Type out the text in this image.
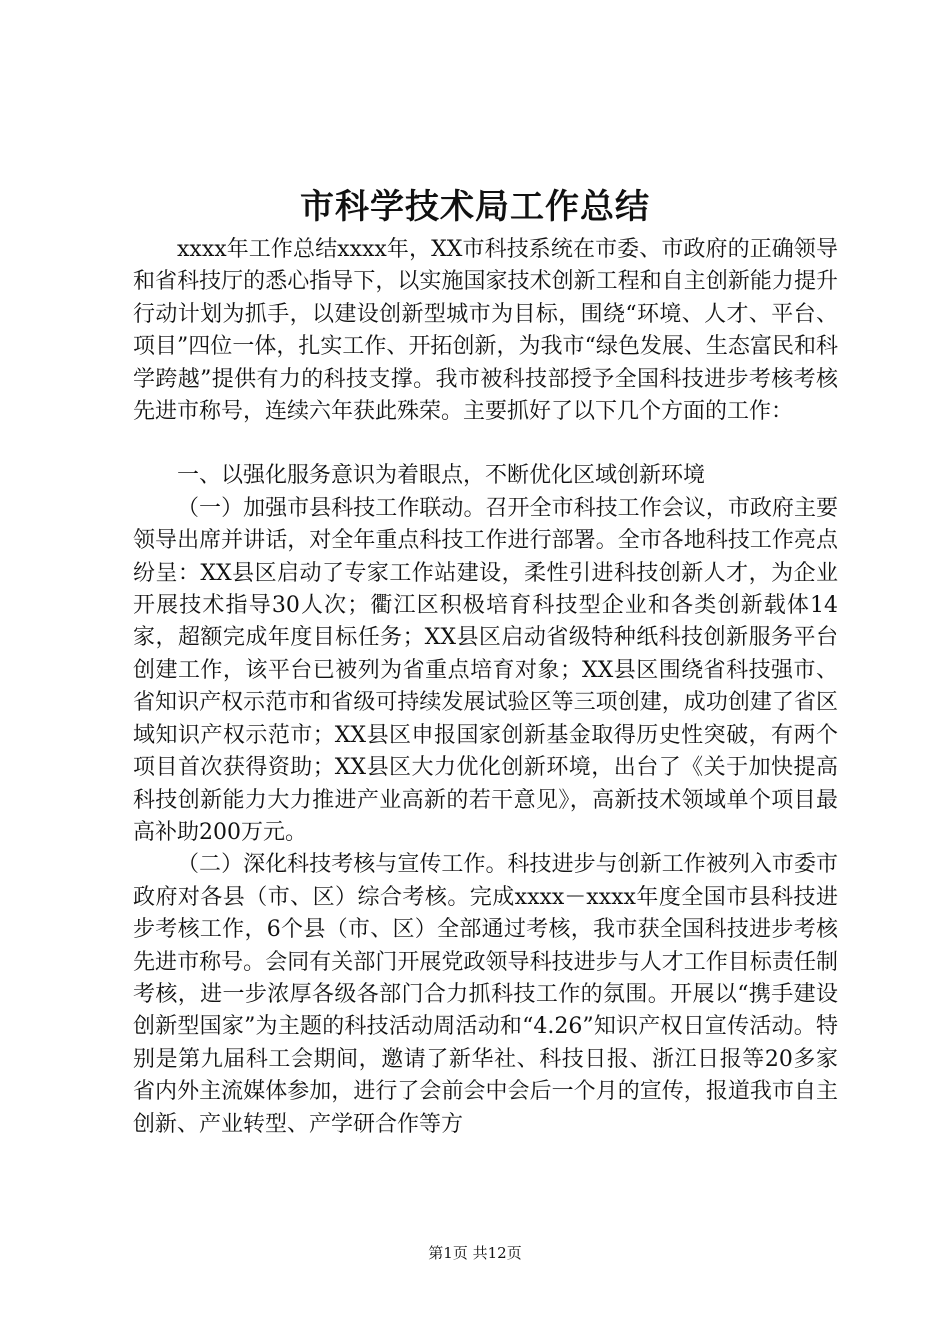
市科学技术局工作总结

xxxx年工作总结xxxx年，XX市科技系统在市委、市政府的正确领导和省科技厅的悉心指导下，以实施国家技术创新工程和自主创新能力提升行动计划为抓手，以建设创新型城市为目标，围绕“环境、人才、平台、项目”四位一体，扎实工作、开拓创新，为我市“绿色发展、生态富民和科学跨越”提供有力的科技支撑。我市被科技部授予全国科技进步考核考核先进市称号，连续六年获此殊荣。主要抓好了以下几个方面的工作：

一、以强化服务意识为着眼点，不断优化区域创新环境

（一）加强市县科技工作联动。召开全市科技工作会议，市政府主要领导出席并讲话，对全年重点科技工作进行部署。全市各地科技工作亮点纷呈：XX县区启动了专家工作站建设，柔性引进科技创新人才，为企业开展技术指导30人次；衢江区积极培育科技型企业和各类创新载体14家，超额完成年度目标任务；XX县区启动省级特种纸科技创新服务平台创建工作，该平台已被列为省重点培育对象；XX县区围绕省科技强市、省知识产权示范市和省级可持续发展试验区等三项创建，成功创建了省区域知识产权示范市；XX县区申报国家创新基金取得历史性突破，有两个项目首次获得资助；XX县区大力优化创新环境，出台了《关于加快提高科技创新能力大力推进产业高新的若干意见》，高新技术领域单个项目最高补助200万元。

（二）深化科技考核与宣传工作。科技进步与创新工作被列入市委市政府对各县（市、区）综合考核。完成xxxx－xxxx年度全国市县科技进步考核工作，6个县（市、区）全部通过考核，我市获全国科技进步考核先进市称号。会同有关部门开展党政领导科技进步与人才工作目标责任制考核，进一步浓厚各级各部门合力抓科技工作的氛围。开展以“携手建设创新型国家”为主题的科技活动周活动和“4.26”知识产权日宣传活动。特别是第九届科工会期间，邀请了新华社、科技日报、浙江日报等20多家省内外主流媒体参加，进行了会前会中会后一个月的宣传，报道我市自主创新、产业转型、产学研合作等方

第1页 共12页
